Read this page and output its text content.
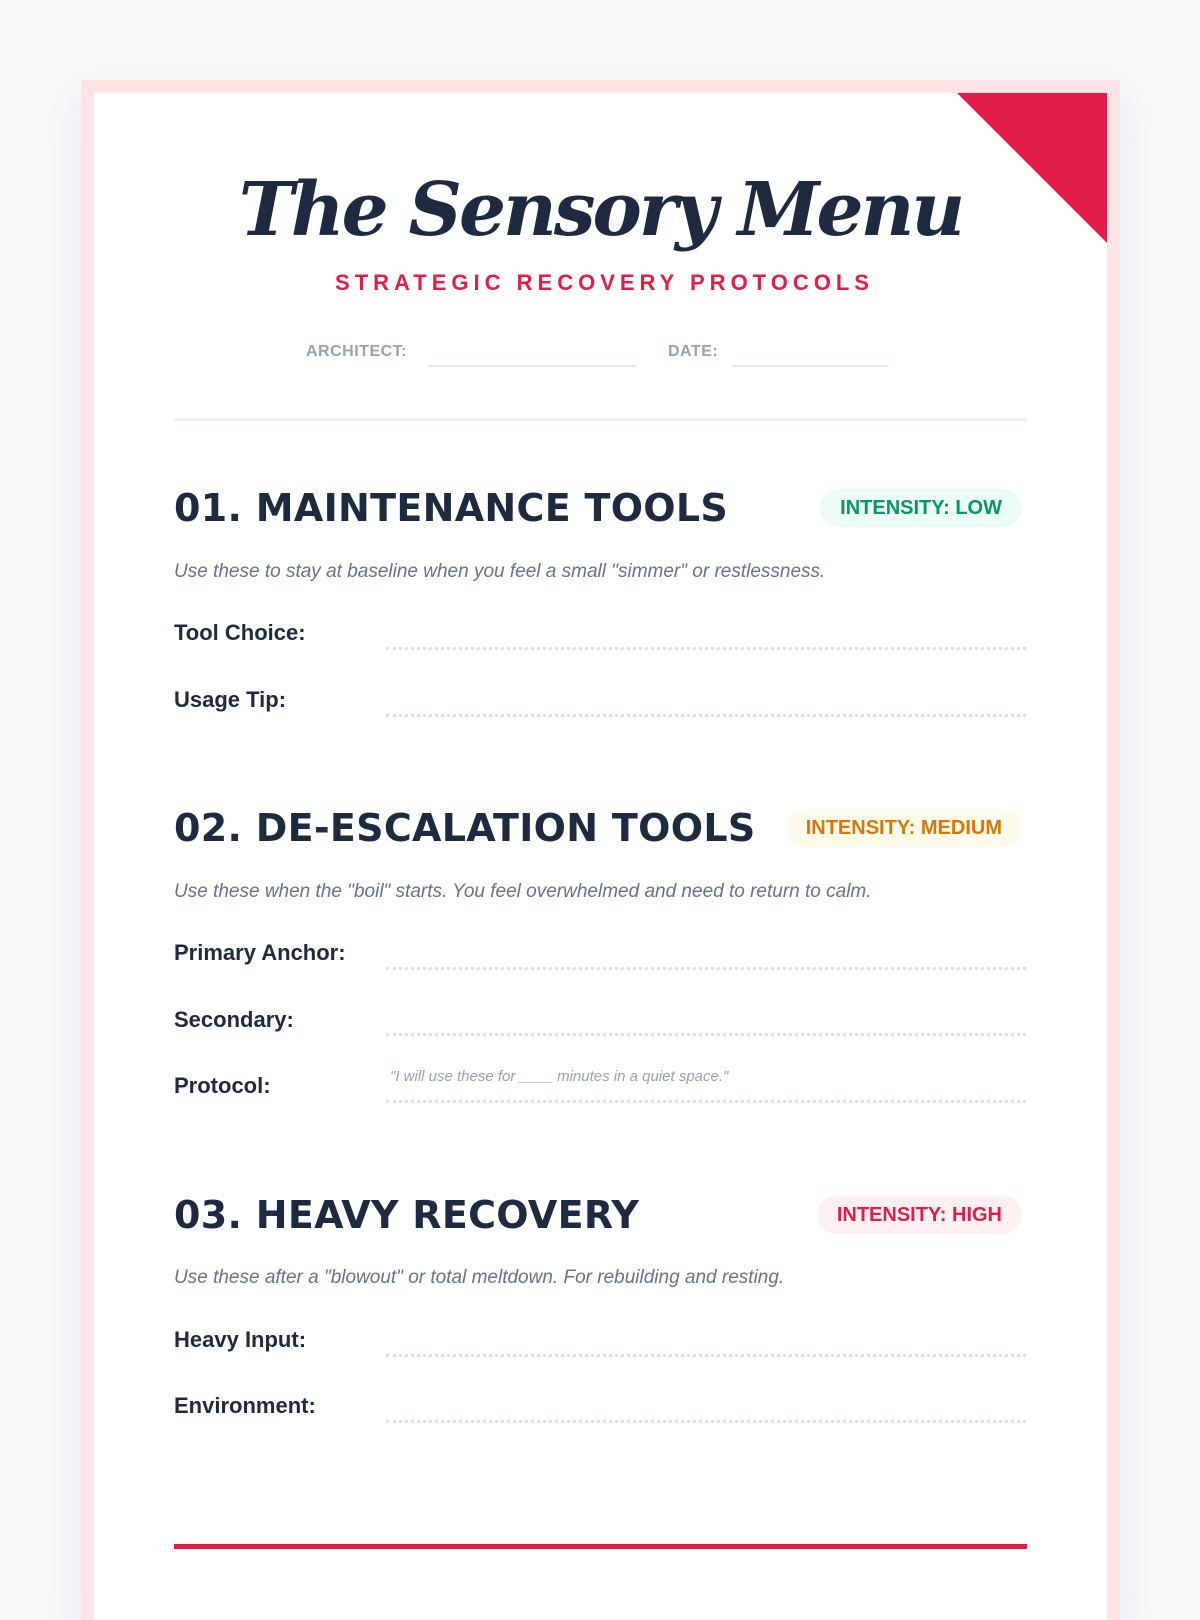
The Sensory Menu
STRATEGIC RECOVERY PROTOCOLS
ARCHITECT:	DATE:
01. MAINTENANCE TOOLS	INTENSITY: LOW
Use these to stay at baseline when you feel a small "simmer" or restlessness.
Tool Choice:
Usage Tip:
02. DE-ESCALATION TOOLS	INTENSITY: MEDIUM
Use these when the "boil" starts. You feel overwhelmed and need to return to calm.
Primary Anchor:
Secondary:
Protocol:	"I will use these for ____ minutes in a quiet space."
03. HEAVY RECOVERY	INTENSITY: HIGH
Use these after a "blowout" or total meltdown. For rebuilding and resting.
Heavy Input:
Environment:
